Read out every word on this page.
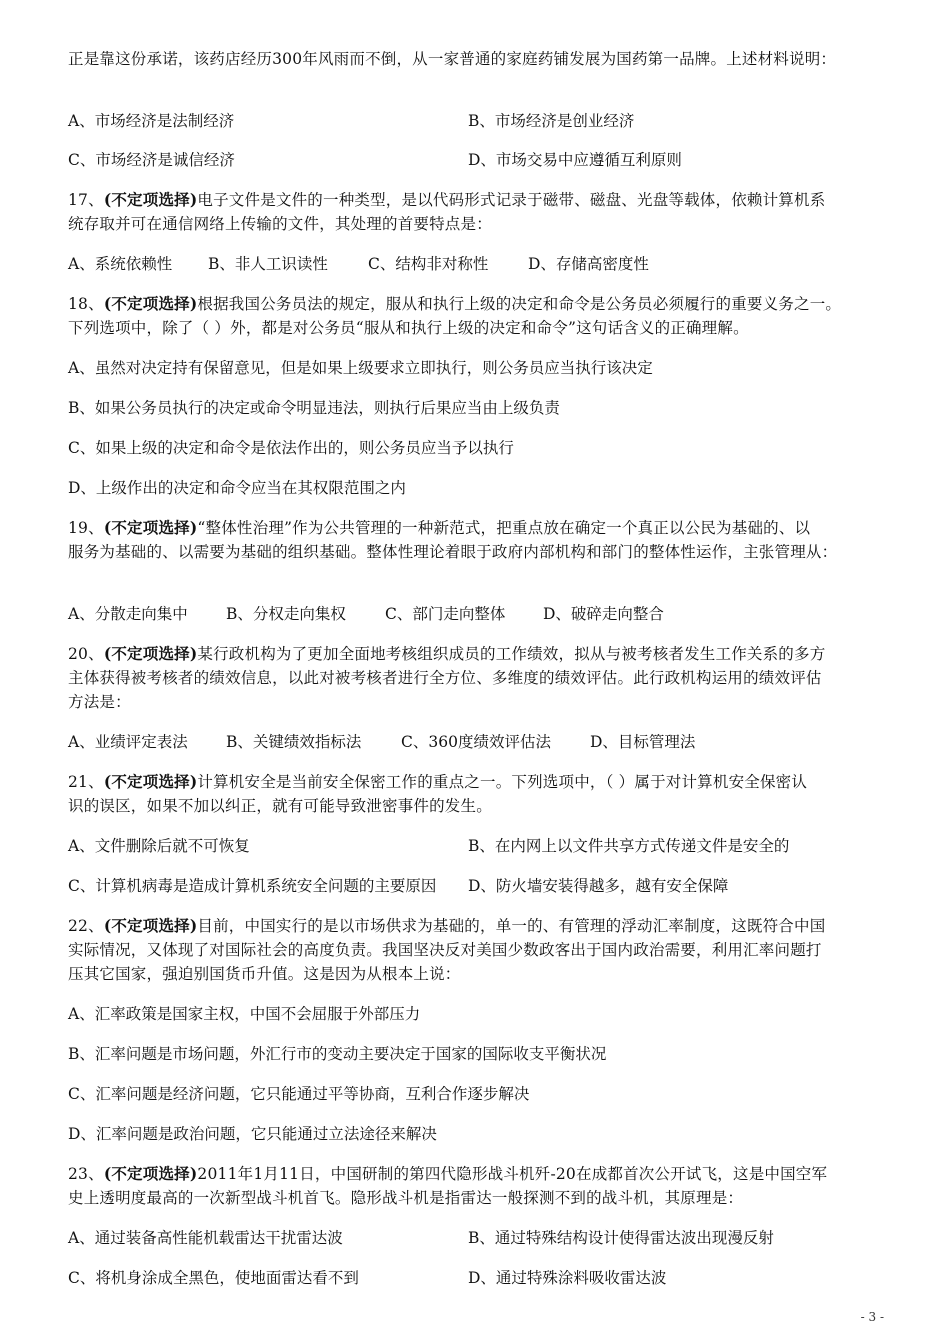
正是靠这份承诺，该药店经历300年风雨而不倒，从一家普通的家庭药铺发展为国药第一品牌。上述材料说明：
A、市场经济是法制经济	B、市场经济是创业经济
C、市场经济是诚信经济	D、市场交易中应遵循互利原则
17、(不定项选择)电子文件是文件的一种类型，是以代码形式记录于磁带、磁盘、光盘等载体，依赖计算机系
统存取并可在通信网络上传输的文件，其处理的首要特点是：
A、系统依赖性 B、非人工识读性	C、结构非对称性	D、存储高密度性
18、(不定项选择)根据我国公务员法的规定，服从和执行上级的决定和命令是公务员必须履行的重要义务之一。
下列选项中，除了（ ）外，都是对公务员“服从和执行上级的决定和命令”这句话含义的正确理解。
A、虽然对决定持有保留意见，但是如果上级要求立即执行，则公务员应当执行该决定
B、如果公务员执行的决定或命令明显违法，则执行后果应当由上级负责
C、如果上级的决定和命令是依法作出的，则公务员应当予以执行
D、上级作出的决定和命令应当在其权限范围之内
19、(不定项选择)“整体性治理”作为公共管理的一种新范式，把重点放在确定一个真正以公民为基础的、以
服务为基础的、以需要为基础的组织基础。整体性理论着眼于政府内部机构和部门的整体性运作，主张管理从：
A、分散走向集中 B、分权走向集权	C、部门走向整体 D、破碎走向整合
20、(不定项选择)某行政机构为了更加全面地考核组织成员的工作绩效，拟从与被考核者发生工作关系的多方
主体获得被考核者的绩效信息，以此对被考核者进行全方位、多维度的绩效评估。此行政机构运用的绩效评估
方法是：
A、业绩评定表法 B、关键绩效指标法	C、360度绩效评估法	D、目标管理法
21、(不定项选择)计算机安全是当前安全保密工作的重点之一。下列选项中，（ ）属于对计算机安全保密认
识的误区，如果不加以纠正，就有可能导致泄密事件的发生。
A、文件删除后就不可恢复	B、在内网上以文件共享方式传递文件是安全的
C、计算机病毒是造成计算机系统安全问题的主要原因 D、防火墙安装得越多，越有安全保障
22、(不定项选择)目前，中国实行的是以市场供求为基础的，单一的、有管理的浮动汇率制度，这既符合中国
实际情况，又体现了对国际社会的高度负责。我国坚决反对美国少数政客出于国内政治需要，利用汇率问题打
压其它国家，强迫别国货币升值。这是因为从根本上说：
A、汇率政策是国家主权，中国不会屈服于外部压力
B、汇率问题是市场问题，外汇行市的变动主要决定于国家的国际收支平衡状况
C、汇率问题是经济问题，它只能通过平等协商，互利合作逐步解决
D、汇率问题是政治问题，它只能通过立法途径来解决
23、(不定项选择)2011年1月11日，中国研制的第四代隐形战斗机歼-20在成都首次公开试飞，这是中国空军
史上透明度最高的一次新型战斗机首飞。隐形战斗机是指雷达一般探测不到的战斗机，其原理是：
A、通过装备高性能机载雷达干扰雷达波	B、通过特殊结构设计使得雷达波出现漫反射
C、将机身涂成全黑色，使地面雷达看不到	D、通过特殊涂料吸收雷达波
- 3 -
